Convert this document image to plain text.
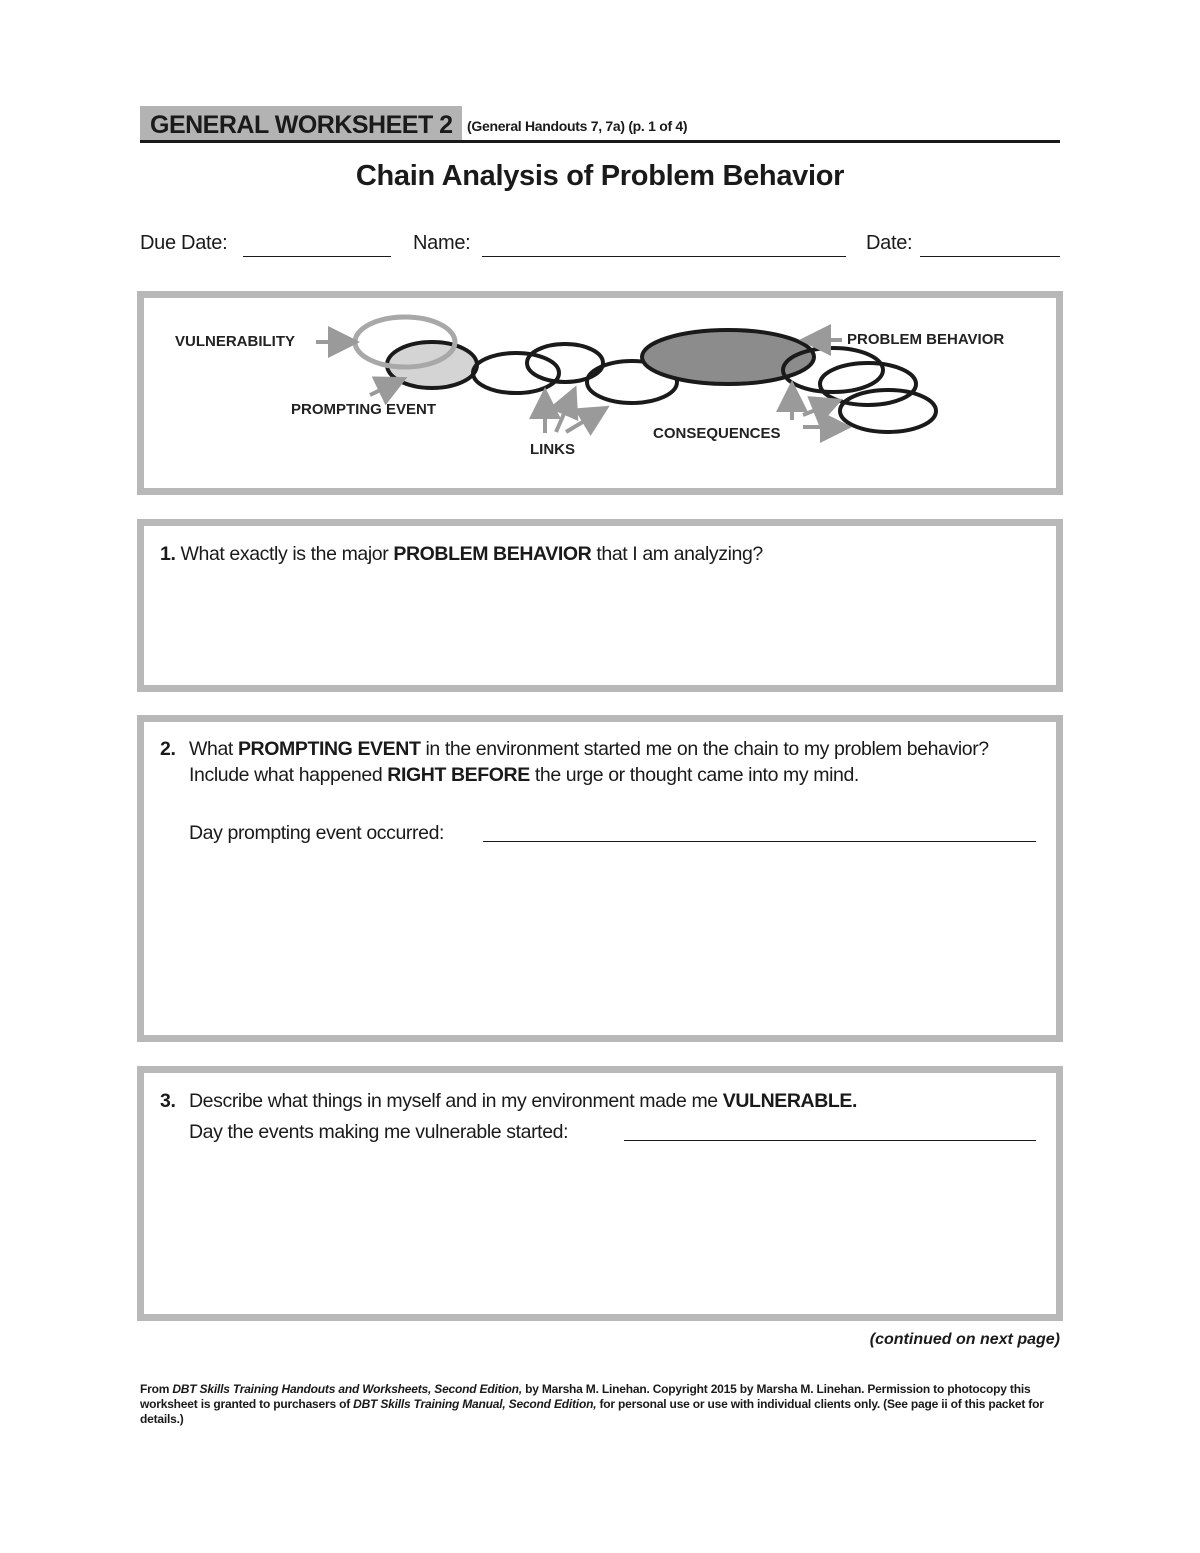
GENERAL WORKSHEET 2	(General Handouts 7, 7a) (p. 1 of 4)
Chain Analysis of Problem Behavior
Due Date:	Name:	Date:
VULNERABILITY
PROMPTING EVENT
LINKS
CONSEQUENCES
PROBLEM BEHAVIOR
1. What exactly is the major PROBLEM BEHAVIOR that I am analyzing?
2. What PROMPTING EVENT in the environment started me on the chain to my problem behavior? Include what happened RIGHT BEFORE the urge or thought came into my mind.
Day prompting event occurred:
3. Describe what things in myself and in my environment made me VULNERABLE.
Day the events making me vulnerable started:
(continued on next page)
From DBT Skills Training Handouts and Worksheets, Second Edition, by Marsha M. Linehan. Copyright 2015 by Marsha M. Linehan. Permission to photocopy this worksheet is granted to purchasers of DBT Skills Training Manual, Second Edition, for personal use or use with individual clients only. (See page ii of this packet for details.)
